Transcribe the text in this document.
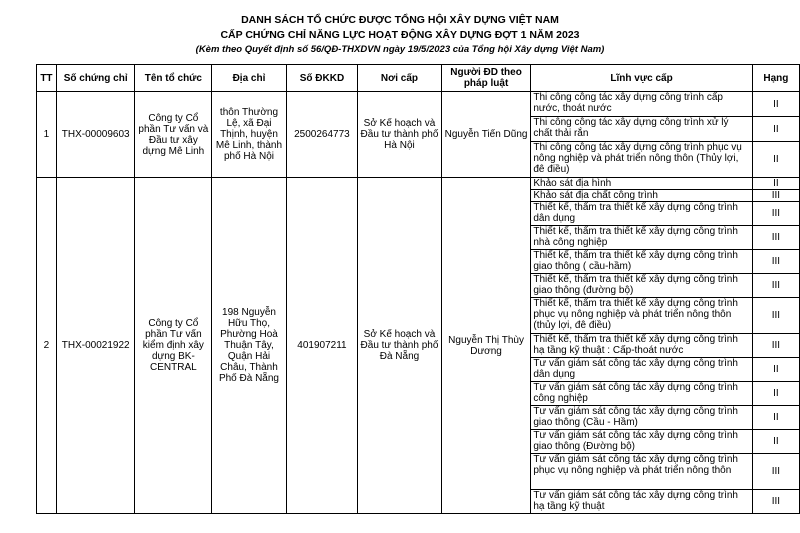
DANH SÁCH TỔ CHỨC ĐƯỢC TỔNG HỘI XÂY DỰNG VIỆT NAM
CẤP CHỨNG CHỈ NĂNG LỰC HOẠT ĐỘNG XÂY DỰNG ĐỢT 1 NĂM 2023
(Kèm theo Quyết định số 56/QĐ-THXDVN ngày 19/5/2023 của Tổng hội Xây dựng Việt Nam)
TT	Số chứng chỉ	Tên tổ chức	Địa chỉ	Số ĐKKD	Nơi cấp	Người ĐD theo pháp luật	Lĩnh vực cấp	Hạng
1	THX-00009603	Công ty Cổ phần Tư vấn và Đầu tư xây dựng Mê Linh	thôn Thường Lệ, xã Đại Thịnh, huyện Mê Linh, thành phố Hà Nội	2500264773	Sở Kế hoạch và Đầu tư thành phố Hà Nội	Nguyễn Tiến Dũng	Thi công công tác xây dựng công trình cấp nước, thoát nước	II
							Thi công công tác xây dựng công trình xử lý chất thải rắn	II
							Thi công công tác xây dựng công trình phục vụ nông nghiệp và phát triển nông thôn (Thủy lợi, đê điều)	II
2	THX-00021922	Công ty Cổ phần Tư vấn kiểm định xây dựng BK-CENTRAL	198 Nguyễn Hữu Thọ, Phường Hoà Thuận Tây, Quận Hải Châu, Thành Phố Đà Nẵng	401907211	Sở Kế hoạch và Đầu tư thành phố Đà Nẵng	Nguyễn Thị Thùy Dương	Khảo sát địa hình	II
							Khảo sát địa chất công trình	III
							Thiết kế, thẩm tra thiết kế xây dựng công trình dân dụng	III
							Thiết kế, thẩm tra thiết kế xây dựng công trình nhà công nghiệp	III
							Thiết kế, thẩm tra thiết kế xây dựng công trình giao thông ( cầu-hầm)	III
							Thiết kế, thẩm tra thiết kế xây dựng công trình giao thông (đường bộ)	III
							Thiết kế, thẩm tra thiết kế xây dựng công trình phục vụ nông nghiệp và phát triển nông thôn (thủy lợi, đê điều)	III
							Thiết kế, thẩm tra thiết kế xây dựng công trình hạ tầng kỹ thuật : Cấp-thoát nước	III
							Tư vấn giám sát công tác xây dựng công trình dân dụng	II
							Tư vấn giám sát công tác xây dựng công trình công nghiệp	II
							Tư vấn giám sát công tác xây dựng công trình giao thông (Cầu - Hầm)	II
							Tư vấn giám sát công tác xây dựng công trình giao thông (Đường bộ)	II
							Tư vấn giám sát công tác xây dựng công trình phục vụ nông nghiệp và phát triển nông thôn	III
							Tư vấn giám sát công tác xây dựng công trình hạ tầng kỹ thuật	III
